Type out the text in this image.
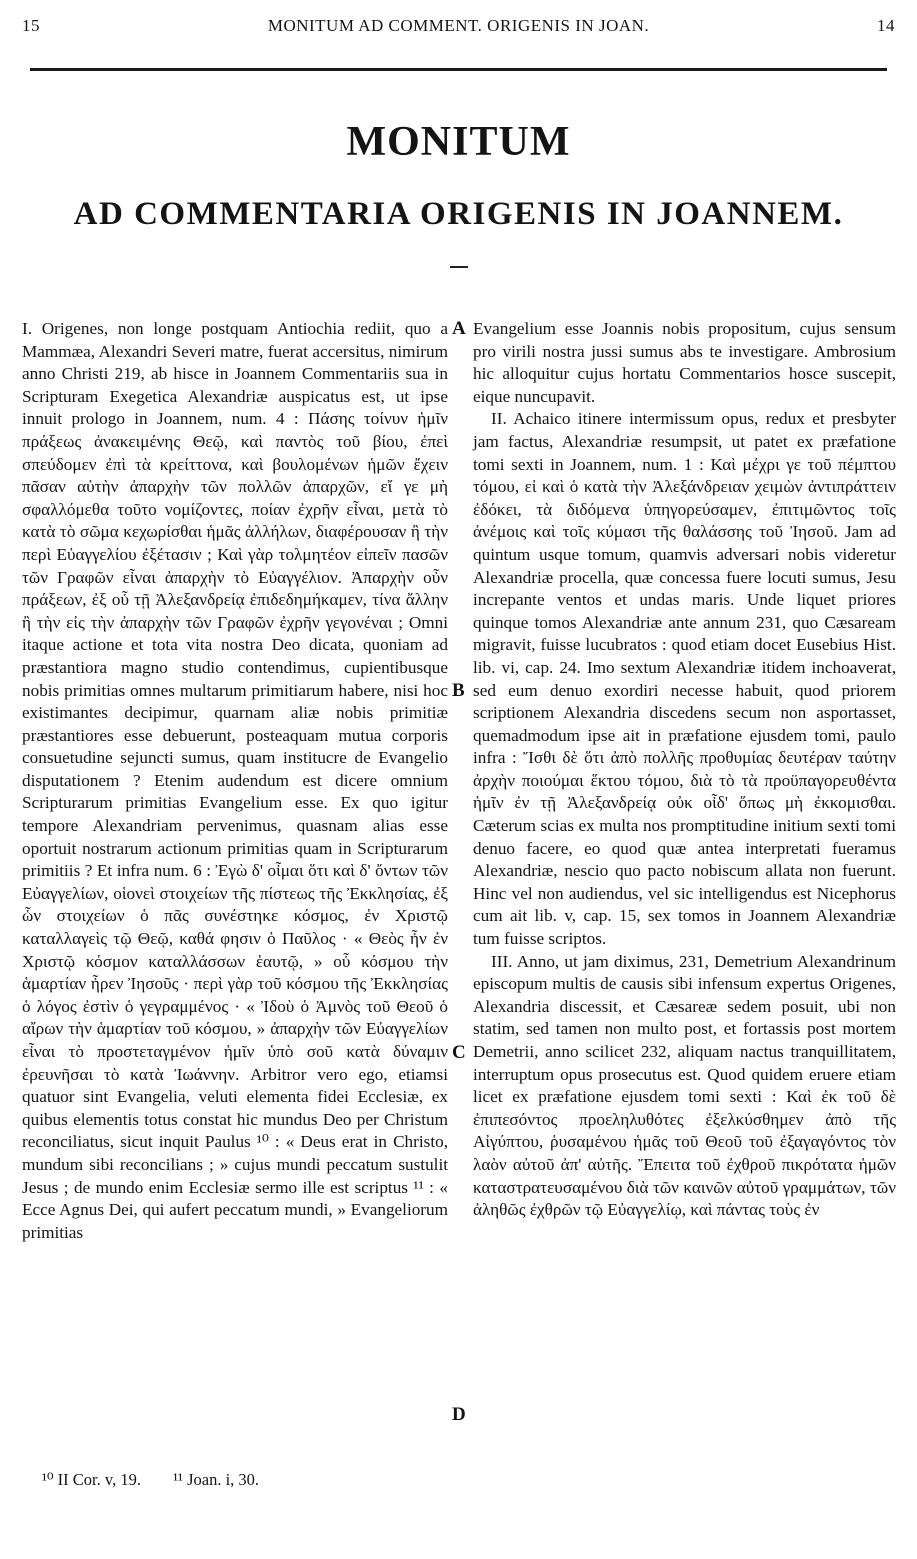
15	MONITUM AD COMMENT. ORIGENIS IN JOAN.	14
MONITUM
AD COMMENTARIA ORIGENIS IN JOANNEM.

I. Origenes, non longe postquam Antiochia rediit, quo a Mammæa, Alexandri Severi matre, fuerat accersitus, nimirum anno Christi 219, ab hisce in Joannem Commentariis sua in Scripturam Exegetica Alexandriæ auspicatus est, ut ipse innuit prologo in Joannem, num. 4 : Πάσης τοίνυν ἡμῖν πράξεως ἀνακειμένης Θεῷ, καὶ παντὸς τοῦ βίου, ἐπεὶ σπεύδομεν ἐπὶ τὰ κρείττονα, καὶ βουλομένων ἡμῶν ἔχειν πᾶσαν αὐτὴν ἀπαρχὴν τῶν πολλῶν ἀπαρχῶν, εἴ γε μὴ σφαλλόμεθα τοῦτο νομίζοντες, ποίαν ἐχρῆν εἶναι, μετὰ τὸ κατὰ τὸ σῶμα κεχωρίσθαι ἡμᾶς ἀλλήλων, διαφέρουσαν ἢ τὴν περὶ Εὐαγγελίου ἐξέτασιν ; Καὶ γὰρ τολμητέον εἰπεῖν πασῶν τῶν Γραφῶν εἶναι ἀπαρχὴν τὸ Εὐαγγέλιον. Ἀπαρχὴν οὖν πράξεων, ἐξ οὗ τῇ Ἀλεξανδρείᾳ ἐπιδεδημήκαμεν, τίνα ἄλλην ἢ τὴν εἰς τὴν ἀπαρχὴν τῶν Γραφῶν ἐχρῆν γεγονέναι ; Omni itaque actione et tota vita nostra Deo dicata, quoniam ad præstantiora magno studio contendimus, cupientibusque nobis primitias omnes multarum primitiarum habere, nisi hoc existimantes decipimur, quarnam aliæ nobis primitiæ præstantiores esse debuerunt, posteaquam mutua corporis consuetudine sejuncti sumus, quam institucre de Evangelio disputationem ? Etenim audendum est dicere omnium Scripturarum primitias Evangelium esse. Ex quo igitur tempore Alexandriam pervenimus, quasnam alias esse oportuit nostrarum actionum primitias quam in Scripturarum primitiis ? Et infra num. 6 : Ἐγὼ δ' οἶμαι ὅτι καὶ δ' ὄντων τῶν Εὐαγγελίων, οἱονεὶ στοιχείων τῆς πίστεως τῆς Ἐκκλησίας, ἐξ ὧν στοιχείων ὁ πᾶς συνέστηκε κόσμος, ἐν Χριστῷ καταλλαγεὶς τῷ Θεῷ, καθά φησιν ὁ Παῦλος · « Θεὸς ἦν ἐν Χριστῷ κόσμον καταλλάσσων ἑαυτῷ, » οὗ κόσμου τὴν ἁμαρτίαν ἦρεν Ἰησοῦς · περὶ γὰρ τοῦ κόσμου τῆς Ἐκκλησίας ὁ λόγος ἐστὶν ὁ γεγραμμένος · « Ἰδοὺ ὁ Ἀμνὸς τοῦ Θεοῦ ὁ αἴρων τὴν ἁμαρτίαν τοῦ κόσμου, » ἀπαρχὴν τῶν Εὐαγγελίων εἶναι τὸ προστεταγμένον ἡμῖν ὑπὸ σοῦ κατὰ δύναμιν ἐρευνῆσαι τὸ κατὰ Ἰωάννην. Arbitror vero ego, etiamsi quatuor sint Evangelia, veluti elementa fidei Ecclesiæ, ex quibus elementis totus constat hic mundus Deo per Christum reconciliatus, sicut inquit Paulus ¹⁰ : « Deus erat in Christo, mundum sibi reconcilians ; » cujus mundi peccatum sustulit Jesus ; de mundo enim Ecclesiæ sermo ille est scriptus ¹¹ : « Ecce Agnus Dei, qui aufert peccatum mundi, » Evangeliorum primitias

Evangelium esse Joannis nobis propositum, cujus sensum pro virili nostra jussi sumus abs te investigare. Ambrosium hic alloquitur cujus hortatu Commentarios hosce suscepit, eique nuncupavit.

II. Achaico itinere intermissum opus, redux et presbyter jam factus, Alexandriæ resumpsit, ut patet ex præfatione tomi sexti in Joannem, num. 1 : Καὶ μέχρι γε τοῦ πέμπτου τόμου, εἰ καὶ ὁ κατὰ τὴν Ἀλεξάνδρειαν χειμὼν ἀντιπράττειν ἐδόκει, τὰ διδόμενα ὑπηγορεύσαμεν, ἐπιτιμῶντος τοῖς ἀνέμοις καὶ τοῖς κύμασι τῆς θαλάσσης τοῦ Ἰησοῦ. Jam ad quintum usque tomum, quamvis adversari nobis videretur Alexandriæ procella, quæ concessa fuere locuti sumus, Jesu increpante ventos et undas maris. Unde liquet priores quinque tomos Alexandriæ ante annum 231, quo Cæsaream migravit, fuisse lucubratos : quod etiam docet Eusebius Hist. lib. vi, cap. 24. Imo sextum Alexandriæ itidem inchoaverat, sed eum denuo exordiri necesse habuit, quod priorem scriptionem Alexandria discedens secum non asportasset, quemadmodum ipse ait in præfatione ejusdem tomi, paulo infra : Ἴσθι δὲ ὅτι ἀπὸ πολλῆς προθυμίας δευτέραν ταύτην ἀρχὴν ποιούμαι ἕκτου τόμου, διὰ τὸ τὰ προϋπαγορευθέντα ἡμῖν ἐν τῇ Ἀλεξανδρείᾳ οὐκ οἶδ' ὅπως μὴ ἐκκομισθαι. Cæterum scias ex multa nos promptitudine initium sexti tomi denuo facere, eo quod quæ antea interpretati fueramus Alexandriæ, nescio quo pacto nobiscum allata non fuerunt. Hinc vel non audiendus, vel sic intelligendus est Nicephorus cum ait lib. v, cap. 15, sex tomos in Joannem Alexandriæ tum fuisse scriptos.

III. Anno, ut jam diximus, 231, Demetrium Alexandrinum episcopum multis de causis sibi infensum expertus Origenes, Alexandria discessit, et Cæsareæ sedem posuit, ubi non statim, sed tamen non multo post, et fortassis post mortem Demetrii, anno scilicet 232, aliquam nactus tranquillitatem, interruptum opus prosecutus est. Quod quidem eruere etiam licet ex præfatione ejusdem tomi sexti : Καὶ ἐκ τοῦ δὲ ἐπιπεσόντος προεληλυθότες ἐξελκύσθημεν ἀπὸ τῆς Αἰγύπτου, ῥυσαμένου ἡμᾶς τοῦ Θεοῦ τοῦ ἐξαγαγόντος τὸν λαὸν αὐτοῦ ἀπ' αὐτῆς. Ἔπειτα τοῦ ἐχθροῦ πικρότατα ἡμῶν καταστρατευσαμένου διὰ τῶν καινῶν αὐτοῦ γραμμάτων, τῶν ἀληθῶς ἐχθρῶν τῷ Εὐαγγελίῳ, καὶ πάντας τοὺς ἐν

A
B
C
D
¹⁰ II Cor. v, 19. ¹¹ Joan. i, 30.
